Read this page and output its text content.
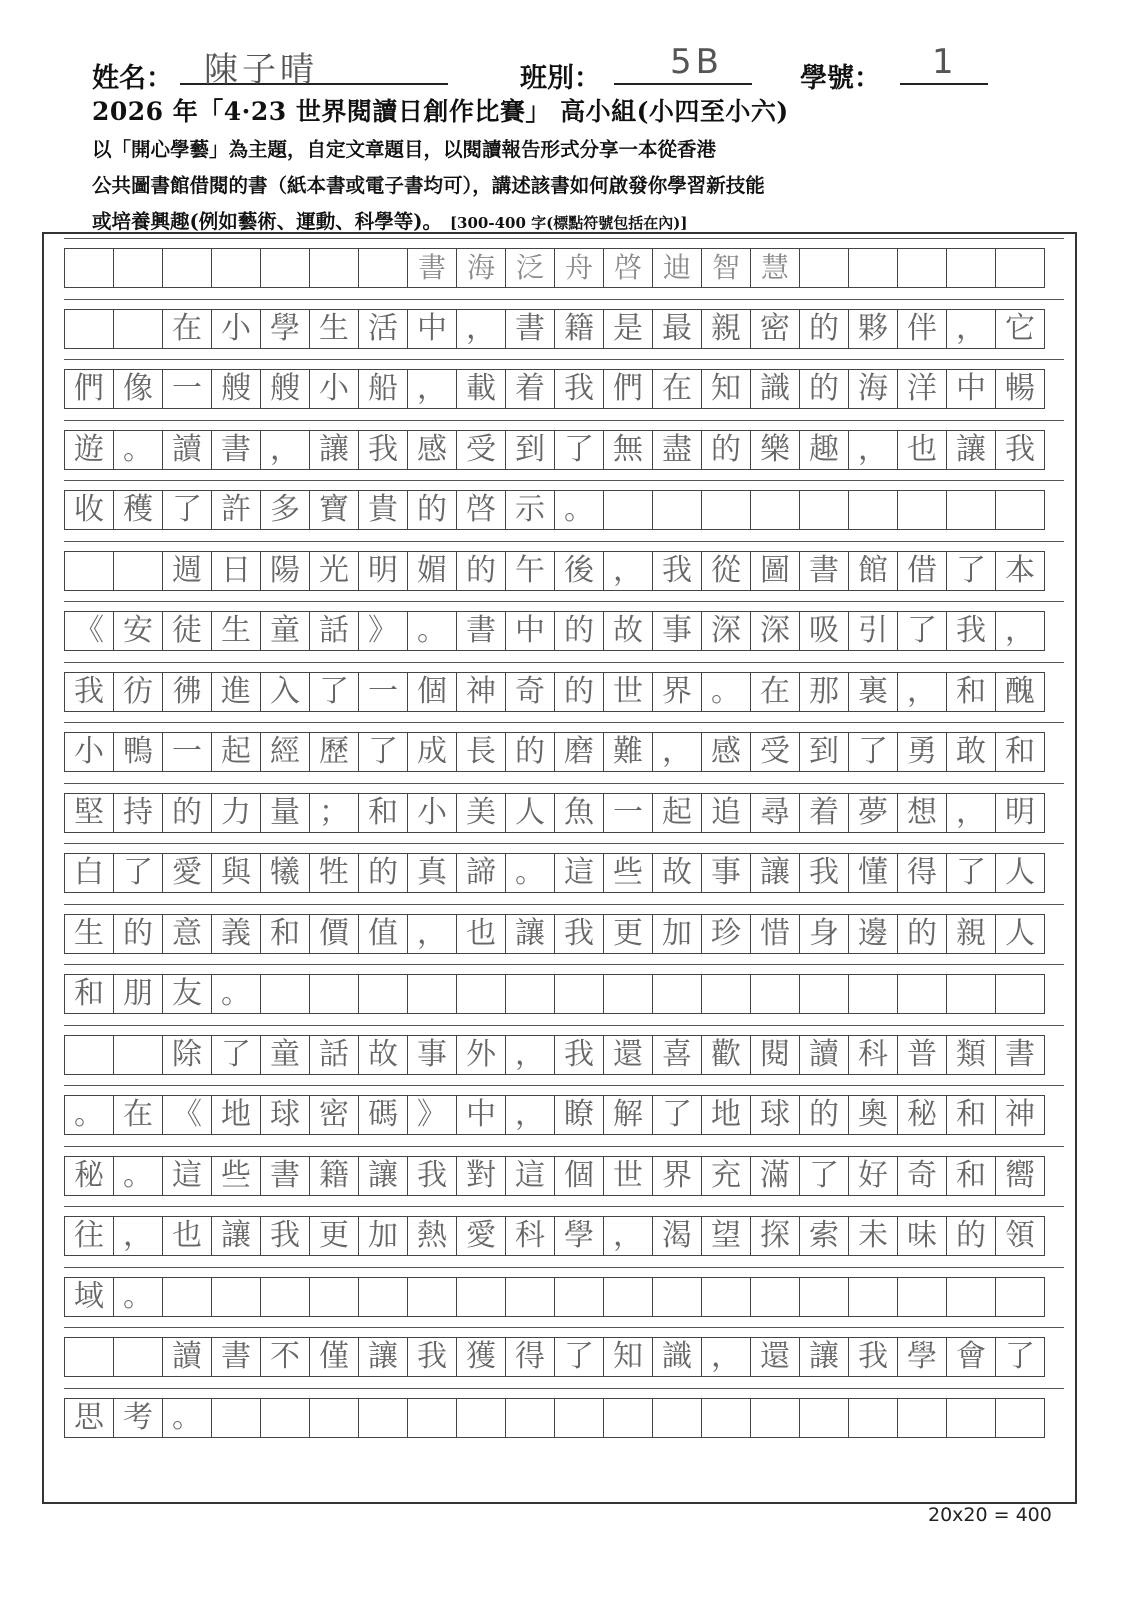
姓名： 陳子晴	班別： 5B	學號： 1
2026 年「4·23 世界閱讀日創作比賽」 高小組(小四至小六)
以「開心學藝」為主題，自定文章題目，以閱讀報告形式分享一本從香港
公共圖書館借閱的書（紙本書或電子書均可），講述該書如何啟發你學習新技能
或培養興趣(例如藝術、運動、科學等)。 [300-400 字(標點符號包括在內)]
書 海 泛 舟 啓 迪 智 慧
在 小 學 生 活 中 ， 書 籍 是 最 親 密 的 夥 伴 ， 它
們 像 一 艘 艘 小 船 ， 載 着 我 們 在 知 識 的 海 洋 中 暢
遊 。 讀 書 ， 讓 我 感 受 到 了 無 盡 的 樂 趣 ， 也 讓 我
收 穫 了 許 多 寶 貴 的 啓 示 。
週 日 陽 光 明 媚 的 午 後 ， 我 從 圖 書 館 借 了 本
《 安 徒 生 童 話 》 。 書 中 的 故 事 深 深 吸 引 了 我 ，
我 彷 彿 進 入 了 一 個 神 奇 的 世 界 。 在 那 裏 ， 和 醜
小 鴨 一 起 經 歷 了 成 長 的 磨 難 ， 感 受 到 了 勇 敢 和
堅 持 的 力 量 ； 和 小 美 人 魚 一 起 追 尋 着 夢 想 ， 明
白 了 愛 與 犧 牲 的 真 諦 。 這 些 故 事 讓 我 懂 得 了 人
生 的 意 義 和 價 值 ， 也 讓 我 更 加 珍 惜 身 邊 的 親 人
和 朋 友 。
除 了 童 話 故 事 外 ， 我 還 喜 歡 閱 讀 科 普 類 書
。 在 《 地 球 密 碼 》 中 ， 瞭 解 了 地 球 的 奧 秘 和 神
秘 。 這 些 書 籍 讓 我 對 這 個 世 界 充 滿 了 好 奇 和 嚮
往 ， 也 讓 我 更 加 熱 愛 科 學 ， 渴 望 探 索 未 味 的 領
域 。
讀 書 不 僅 讓 我 獲 得 了 知 識 ， 還 讓 我 學 會 了
思 考 。
20x20 = 400
